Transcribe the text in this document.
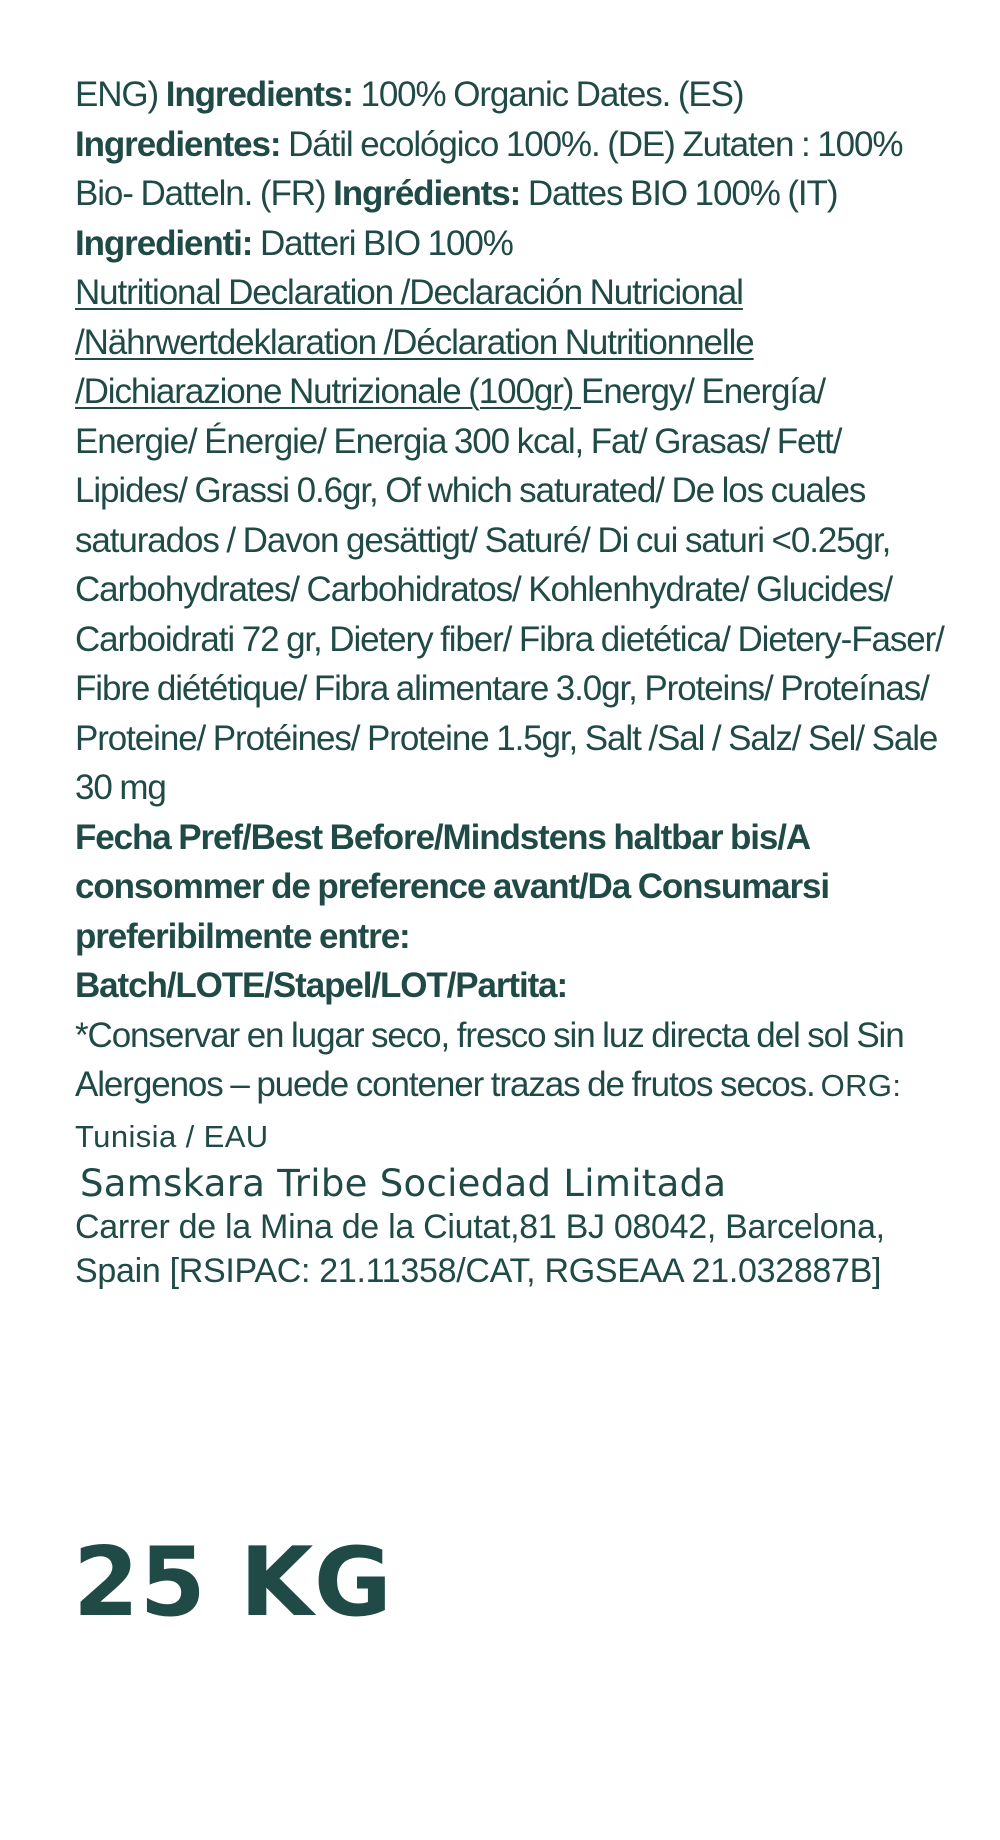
ENG) Ingredients: 100% Organic Dates. (ES)
Ingredientes: Dátil ecológico 100%. (DE) Zutaten : 100% Bio- Datteln. (FR) Ingrédients: Dattes BIO 100% (IT) Ingredienti: Datteri BIO 100%

Nutritional Declaration /Declaración Nutricional /Nährwertdeklaration /Déclaration Nutritionnelle /Dichiarazione Nutrizionale (100gr) Energy/ Energía/ Energie/ Énergie/ Energia 300 kcal, Fat/ Grasas/ Fett/ Lipides/ Grassi 0.6gr, Of which saturated/ De los cuales saturados / Davon gesättigt/ Saturé/ Di cui saturi <0.25gr, Carbohydrates/ Carbohidratos/ Kohlenhydrate/ Glucides/ Carboidrati 72 gr, Dietery fiber/ Fibra dietética/ Dietery-Faser/ Fibre diététique/ Fibra alimentare 3.0gr, Proteins/ Proteínas/ Proteine/ Protéines/ Proteine 1.5gr, Salt /Sal / Salz/ Sel/ Sale 30 mg

Fecha Pref/Best Before/Mindstens haltbar bis/A consommer de preference avant/Da Consumarsi preferibilmente entre:

Batch/LOTE/Stapel/LOT/Partita:

*Conservar en lugar seco, fresco sin luz directa del sol Sin Alergenos – puede contener trazas de frutos secos. ORG: Tunisia / EAU

Samskara Tribe Sociedad Limitada

Carrer de la Mina de la Ciutat,81 BJ 08042, Barcelona,

Spain [RSIPAC: 21.11358/CAT, RGSEAA 21.032887B]

25 KG
